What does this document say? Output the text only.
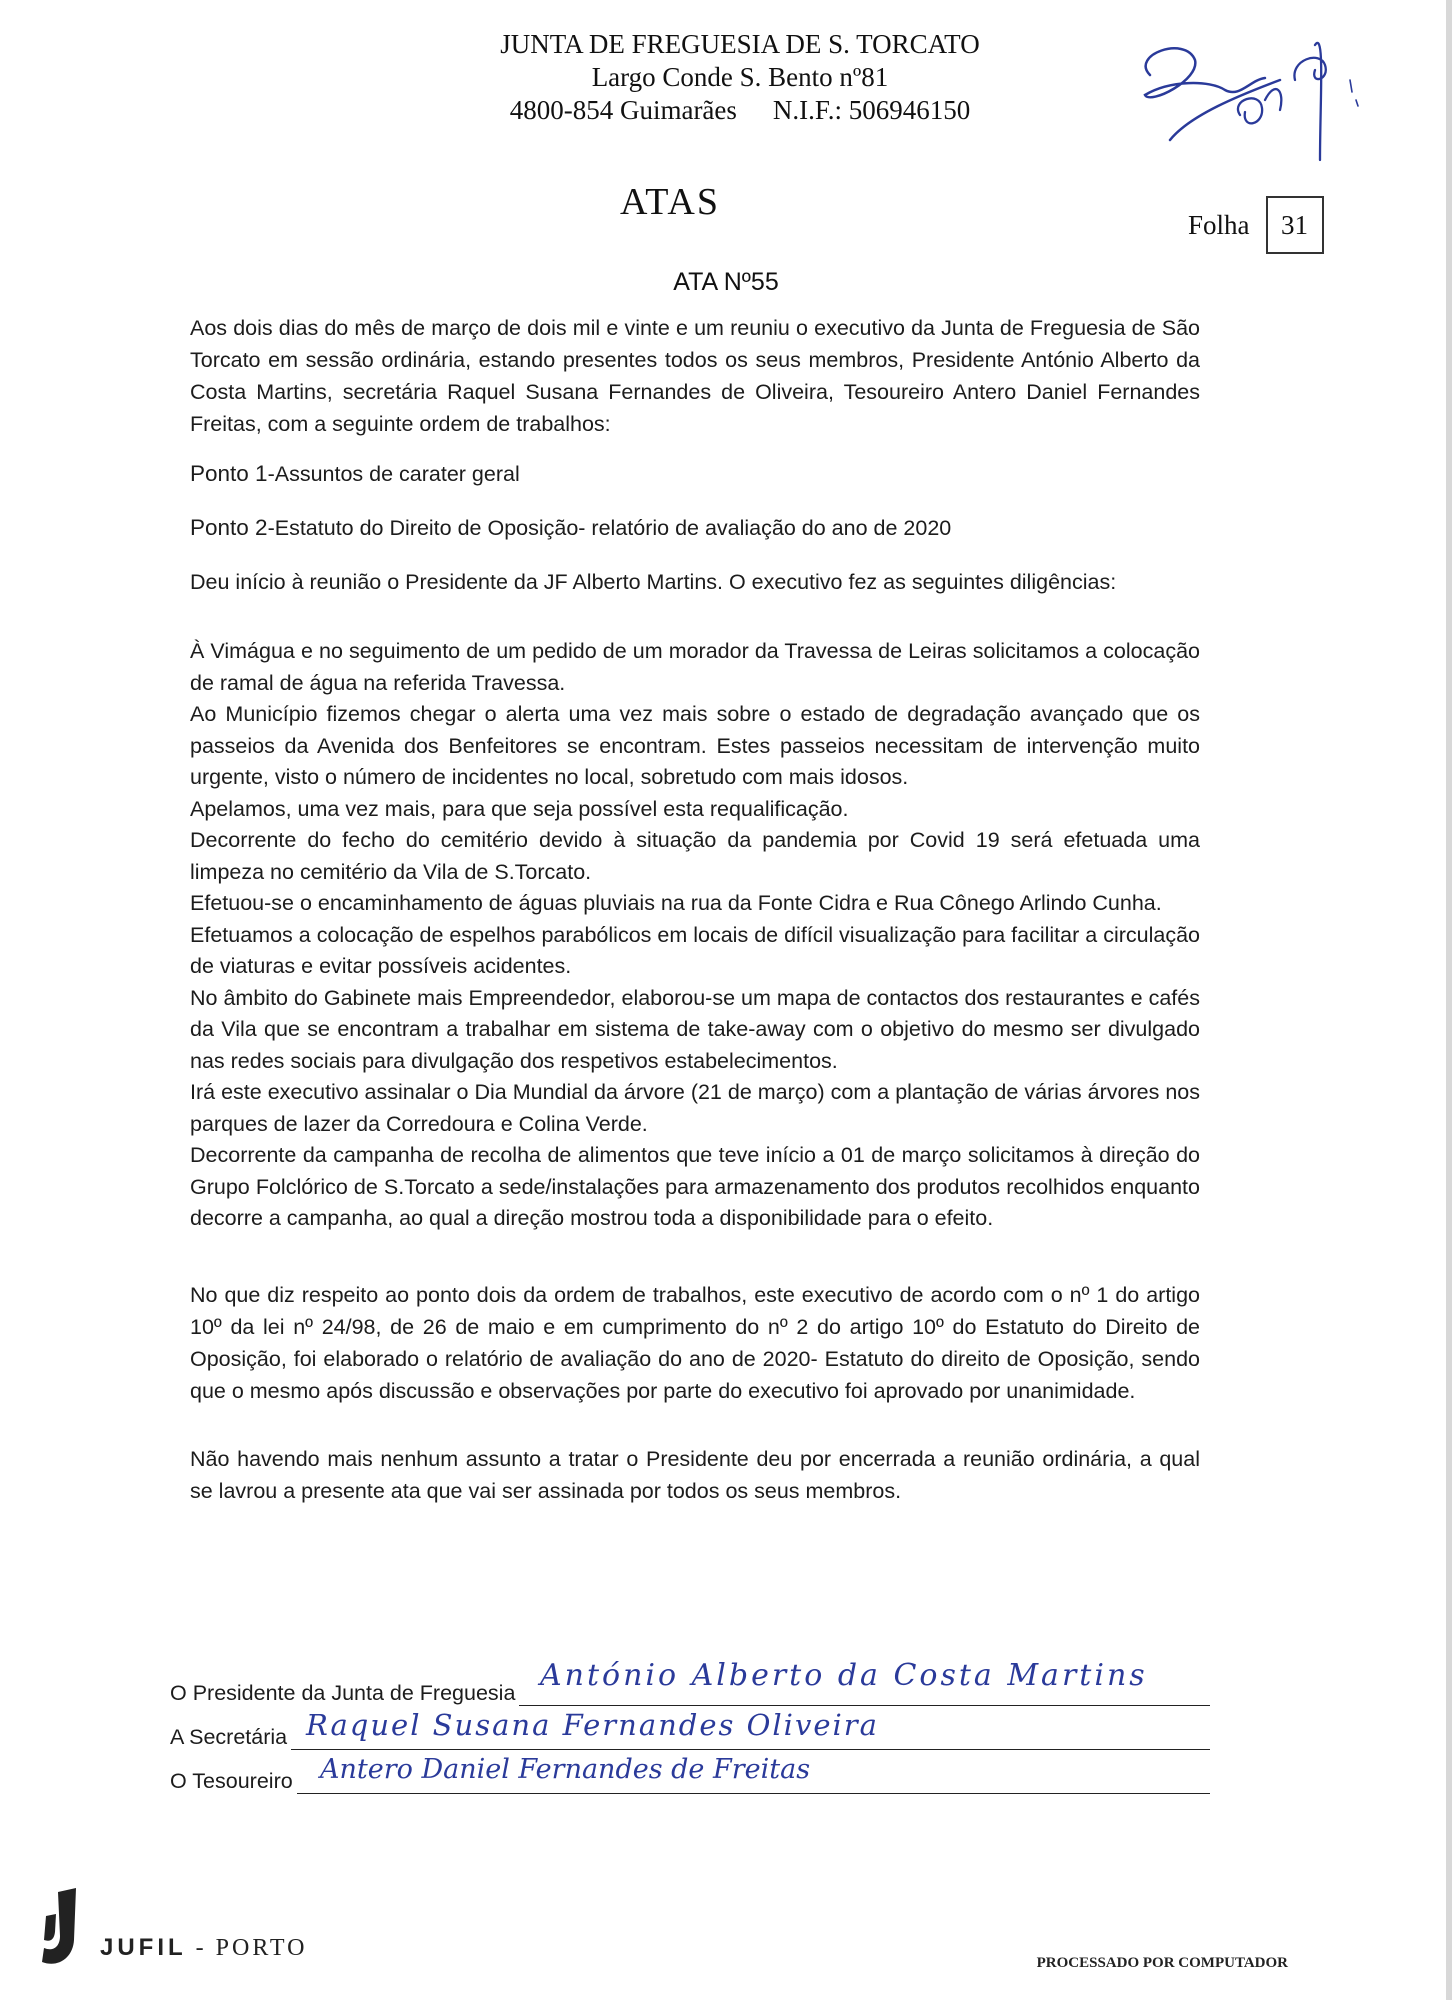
JUNTA DE FREGUESIA DE S. TORCATO
Largo Conde S. Bento nº81
4800-854 Guimarães N.I.F.: 506946150
ATAS
Folha	31
ATA Nº55

Aos dois dias do mês de março de dois mil e vinte e um reuniu o executivo da Junta de Freguesia de São Torcato em sessão ordinária, estando presentes todos os seus membros, Presidente António Alberto da Costa Martins, secretária Raquel Susana Fernandes de Oliveira, Tesoureiro Antero Daniel Fernandes Freitas, com a seguinte ordem de trabalhos:

Ponto 1-Assuntos de carater geral

Ponto 2-Estatuto do Direito de Oposição- relatório de avaliação do ano de 2020

Deu início à reunião o Presidente da JF Alberto Martins. O executivo fez as seguintes diligências:

À Vimágua e no seguimento de um pedido de um morador da Travessa de Leiras solicitamos a colocação de ramal de água na referida Travessa.

Ao Município fizemos chegar o alerta uma vez mais sobre o estado de degradação avançado que os passeios da Avenida dos Benfeitores se encontram. Estes passeios necessitam de intervenção muito urgente, visto o número de incidentes no local, sobretudo com mais idosos.

Apelamos, uma vez mais, para que seja possível esta requalificação.

Decorrente do fecho do cemitério devido à situação da pandemia por Covid 19 será efetuada uma limpeza no cemitério da Vila de S.Torcato.

Efetuou-se o encaminhamento de águas pluviais na rua da Fonte Cidra e Rua Cônego Arlindo Cunha.

Efetuamos a colocação de espelhos parabólicos em locais de difícil visualização para facilitar a circulação de viaturas e evitar possíveis acidentes.

No âmbito do Gabinete mais Empreendedor, elaborou-se um mapa de contactos dos restaurantes e cafés da Vila que se encontram a trabalhar em sistema de take-away com o objetivo do mesmo ser divulgado nas redes sociais para divulgação dos respetivos estabelecimentos.

Irá este executivo assinalar o Dia Mundial da árvore (21 de março) com a plantação de várias árvores nos parques de lazer da Corredoura e Colina Verde.

Decorrente da campanha de recolha de alimentos que teve início a 01 de março solicitamos à direção do Grupo Folclórico de S.Torcato a sede/instalações para armazenamento dos produtos recolhidos enquanto decorre a campanha, ao qual a direção mostrou toda a disponibilidade para o efeito.

No que diz respeito ao ponto dois da ordem de trabalhos, este executivo de acordo com o nº 1 do artigo 10º da lei nº 24/98, de 26 de maio e em cumprimento do nº 2 do artigo 10º do Estatuto do Direito de Oposição, foi elaborado o relatório de avaliação do ano de 2020- Estatuto do direito de Oposição, sendo que o mesmo após discussão e observações por parte do executivo foi aprovado por unanimidade.

Não havendo mais nenhum assunto a tratar o Presidente deu por encerrada a reunião ordinária, a qual se lavrou a presente ata que vai ser assinada por todos os seus membros.

O Presidente da Junta de Freguesia António Alberto da Costa Martins
A Secretária Raquel Susana Fernandes Oliveira
O Tesoureiro Antero Daniel Fernandes de Freitas
JUFIL - PORTO
PROCESSADO POR COMPUTADOR
